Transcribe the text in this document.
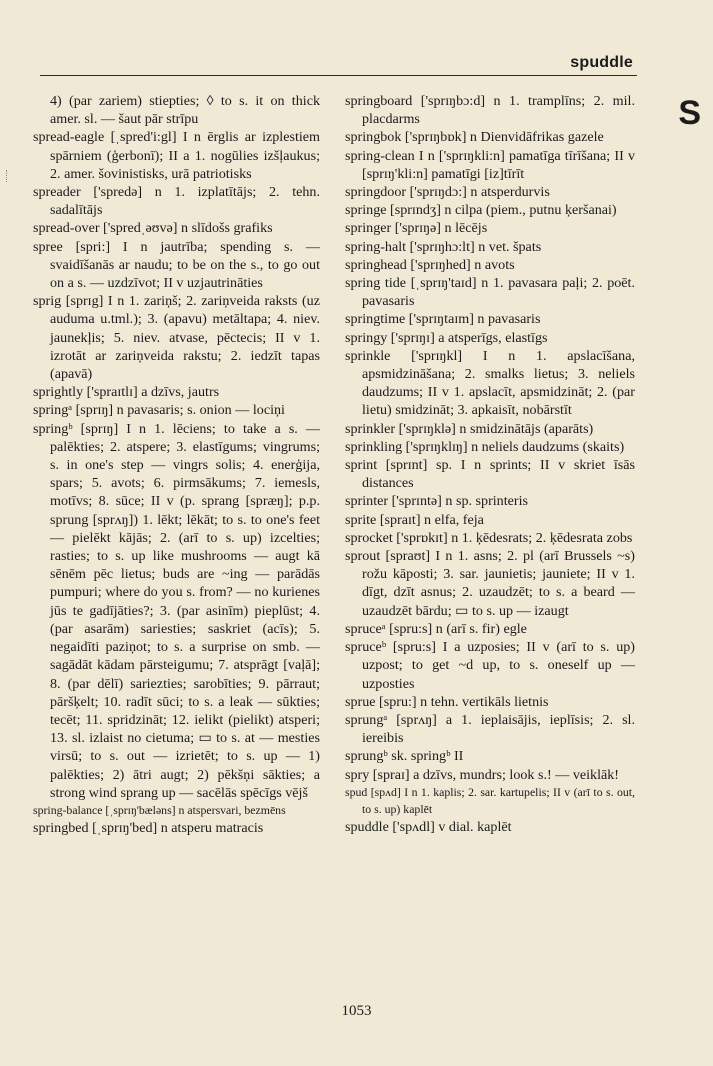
spuddle
S

4) (par zariem) stiepties; ◊ to s. it on thick amer. sl. — šaut pār strīpu

spread-eagle [ˌspred'i:gl] I n ērglis ar izplestiem spārniem (ģerbonī); II a 1. nogūlies izšļaukus; 2. amer. šovinistisks, urā patriotisks

spreader ['spredə] n 1. izplatītājs; 2. tehn. sadalītājs

spread-over ['spredˌəʊvə] n slīdošs grafiks

spree [spri:] I n jautrība; spending s. — svaidīšanās ar naudu; to be on the s., to go out on a s. — uzdzīvot; II v uzjautrināties

sprig [sprɪg] I n 1. zariņš; 2. zariņveida raksts (uz auduma u.tml.); 3. (apavu) metāltapa; 4. niev. jaunekļis; 5. niev. atvase, pēctecis; II v 1. izrotāt ar zariņveida rakstu; 2. iedzīt tapas (apavā)

sprightly ['spraɪtlɪ] a dzīvs, jautrs

springᵃ [sprɪŋ] n pavasaris; s. onion — lociņi

springᵇ [sprɪŋ] I n 1. lēciens; to take a s. — palēkties; 2. atspere; 3. elastīgums; vingrums; s. in one's step — vingrs solis; 4. enerģija, spars; 5. avots; 6. pirmsākums; 7. iemesls, motīvs; 8. sūce; II v (p. sprang [spræŋ]; p.p. sprung [sprʌŋ]) 1. lēkt; lēkāt; to s. to one's feet — pielēkt kājās; 2. (arī to s. up) izcelties; rasties; to s. up like mushrooms — augt kā sēnēm pēc lietus; buds are ~ing — parādās pumpuri; where do you s. from? — no kurienes jūs te gadījāties?; 3. (par asinīm) pieplūst; 4. (par asarām) sariesties; saskriet (acīs); 5. negaidīti paziņot; to s. a surprise on smb. — sagādāt kādam pārsteigumu; 7. atsprāgt [vaļā]; 8. (par dēlī) sariezties; sarobīties; 9. pārraut; pāršķelt; 10. radīt sūci; to s. a leak — sūkties; tecēt; 11. spridzināt; 12. ielikt (pielikt) atsperi; 13. sl. izlaist no cietuma; ▭ to s. at — mesties virsū; to s. out — izrietēt; to s. up — 1) palēkties; 2) ātri augt; 2) pēkšņi sākties; a strong wind sprang up — sacēlās spēcīgs vējš

spring-balance [ˌsprɪŋ'bæləns] n atspersvari, bezmēns

springbed [ˌsprɪŋ'bed] n atsperu matracis

springboard ['sprɪŋbɔ:d] n 1. tramplīns; 2. mil. placdarms

springbok ['sprɪŋbɒk] n Dienvidāfrikas gazele

spring-clean I n ['sprɪŋkli:n] pamatīga tīrīšana; II v [sprɪŋ'kli:n] pamatīgi [iz]tīrīt

springdoor ['sprɪŋdɔ:] n atsperdurvis

springe [sprɪndʒ] n cilpa (piem., putnu ķeršanai)

springer ['sprɪŋə] n lēcējs

spring-halt ['sprɪŋhɔ:lt] n vet. špats

springhead ['sprɪŋhed] n avots

spring tide [ˌsprɪŋ'taɪd] n 1. pavasara paļi; 2. poēt. pavasaris

springtime ['sprɪŋtaɪm] n pavasaris

springy ['sprɪŋɪ] a atsperīgs, elastīgs

sprinkle ['sprɪŋkl] I n 1. apslacīšana, apsmidzināšana; 2. smalks lietus; 3. neliels daudzums; II v 1. apslacīt, apsmidzināt; 2. (par lietu) smidzināt; 3. apkaisīt, nobārstīt

sprinkler ['sprɪŋklə] n smidzinātājs (aparāts)

sprinkling ['sprɪŋklɪŋ] n neliels daudzums (skaits)

sprint [sprɪnt] sp. I n sprints; II v skriet īsās distances

sprinter ['sprɪntə] n sp. sprinteris

sprite [spraɪt] n elfa, feja

sprocket ['sprɒkɪt] n 1. ķēdesrats; 2. ķēdesrata zobs

sprout [spraʊt] I n 1. asns; 2. pl (arī Brussels ~s) rožu kāposti; 3. sar. jaunietis; jauniete; II v 1. dīgt, dzīt asnus; 2. uzaudzēt; to s. a beard — uzaudzēt bārdu; ▭ to s. up — izaugt

spruceᵃ [spru:s] n (arī s. fir) egle

spruceᵇ [spru:s] I a uzposies; II v (arī to s. up) uzpost; to get ~d up, to s. oneself up — uzposties

sprue [spru:] n tehn. vertikāls lietnis

sprungᵃ [sprʌŋ] a 1. ieplaisājis, ieplīsis; 2. sl. iereibis

sprungᵇ sk. springᵇ II

spry [spraɪ] a dzīvs, mundrs; look s.! — veiklāk!

spud [spʌd] I n 1. kaplis; 2. sar. kartupelis; II v (arī to s. out, to s. up) kaplēt

spuddle ['spʌdl] v dial. kaplēt

1053
